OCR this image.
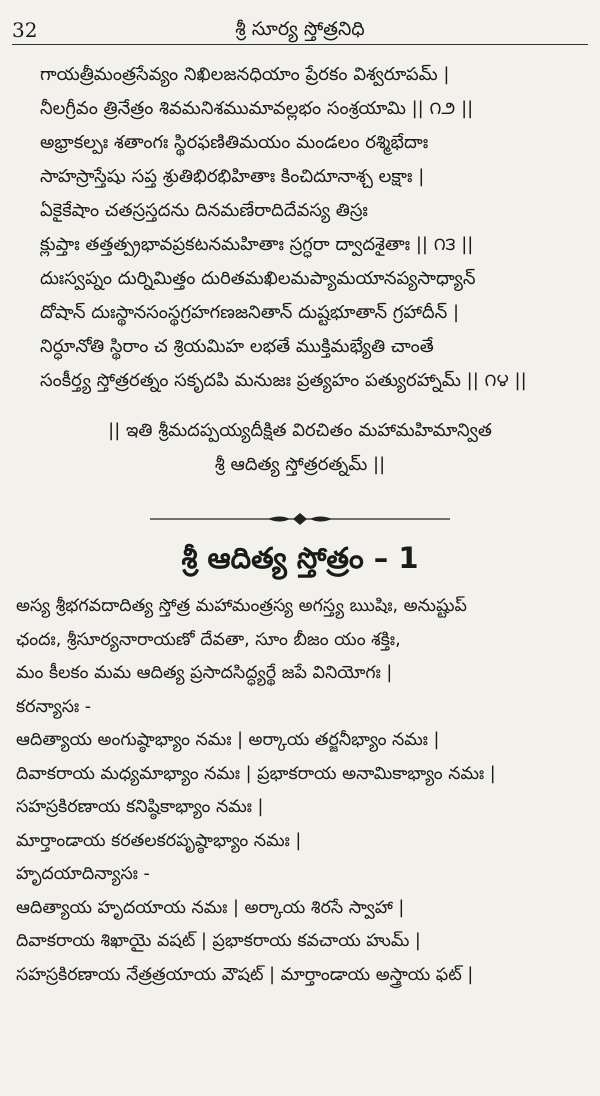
32	శ్రీ సూర్య స్తోత్రనిధి
గాయత్రీమంత్రసేవ్యం నిఖిలజనధియాం ప్రేరకం విశ్వరూపమ్ |
నీలగ్రీవం త్రినేత్రం శివమనిశముమావల్లభం సంశ్రయామి || ౧౨ ||
అభ్రాకల్పః శతాంగః స్థిరఫణితిమయం మండలం రశ్మిభేదాః
సాహస్రాస్తేషు సప్త శ్రుతిభిరభిహితాః కించిదూనాశ్చ లక్షాః |
ఏకైకేషాం చతస్రస్తదను దినమణేరాదిదేవస్య తిస్రః
క్లుప్తాః తత్తత్ప్రభావప్రకటనమహితాః స్రగ్ధరా ద్వాదశైతాః || ౧౩ ||
దుఃస్వప్నం దుర్నిమిత్తం దురితమఖిలమప్యామయానప్యసాధ్యాన్
దోషాన్ దుఃస్థానసంస్థగ్రహగణజనితాన్ దుష్టభూతాన్ గ్రహాదీన్ |
నిర్ధూనోతి స్థిరాం చ శ్రియమిహ లభతే ముక్తిమభ్యేతి చాంతే
సంకీర్త్య స్తోత్రరత్నం సకృదపి మనుజః ప్రత్యహం పత్యురహ్నామ్ || ౧౪ ||
|| ఇతి శ్రీమదప్పయ్యదీక్షిత విరచితం మహామహిమాన్విత
శ్రీ ఆదిత్య స్తోత్రరత్నమ్ ||
శ్రీ ఆదిత్య స్తోత్రం – 1
అస్య శ్రీభగవదాదిత్య స్తోత్ర మహామంత్రస్య అగస్త్య ఋషిః, అనుష్టుప్
ఛందః, శ్రీసూర్యనారాయణో దేవతా, సూం బీజం యం శక్తిః,
మం కీలకం మమ ఆదిత్య ప్రసాదసిద్ధ్యర్థే జపే వినియోగః |
కరన్యాసః -
ఆదిత్యాయ అంగుష్ఠాభ్యాం నమః | అర్కాయ తర్జనీభ్యాం నమః |
దివాకరాయ మధ్యమాభ్యాం నమః | ప్రభాకరాయ అనామికాభ్యాం నమః |
సహస్రకిరణాయ కనిష్ఠికాభ్యాం నమః |
మార్తాండాయ కరతలకరపృష్ఠాభ్యాం నమః |
హృదయాదిన్యాసః -
ఆదిత్యాయ హృదయాయ నమః | అర్కాయ శిరసే స్వాహా |
దివాకరాయ శిఖాయై వషట్ | ప్రభాకరాయ కవచాయ హుమ్ |
సహస్రకిరణాయ నేత్రత్రయాయ వౌషట్ | మార్తాండాయ అస్త్రాయ ఫట్ |
